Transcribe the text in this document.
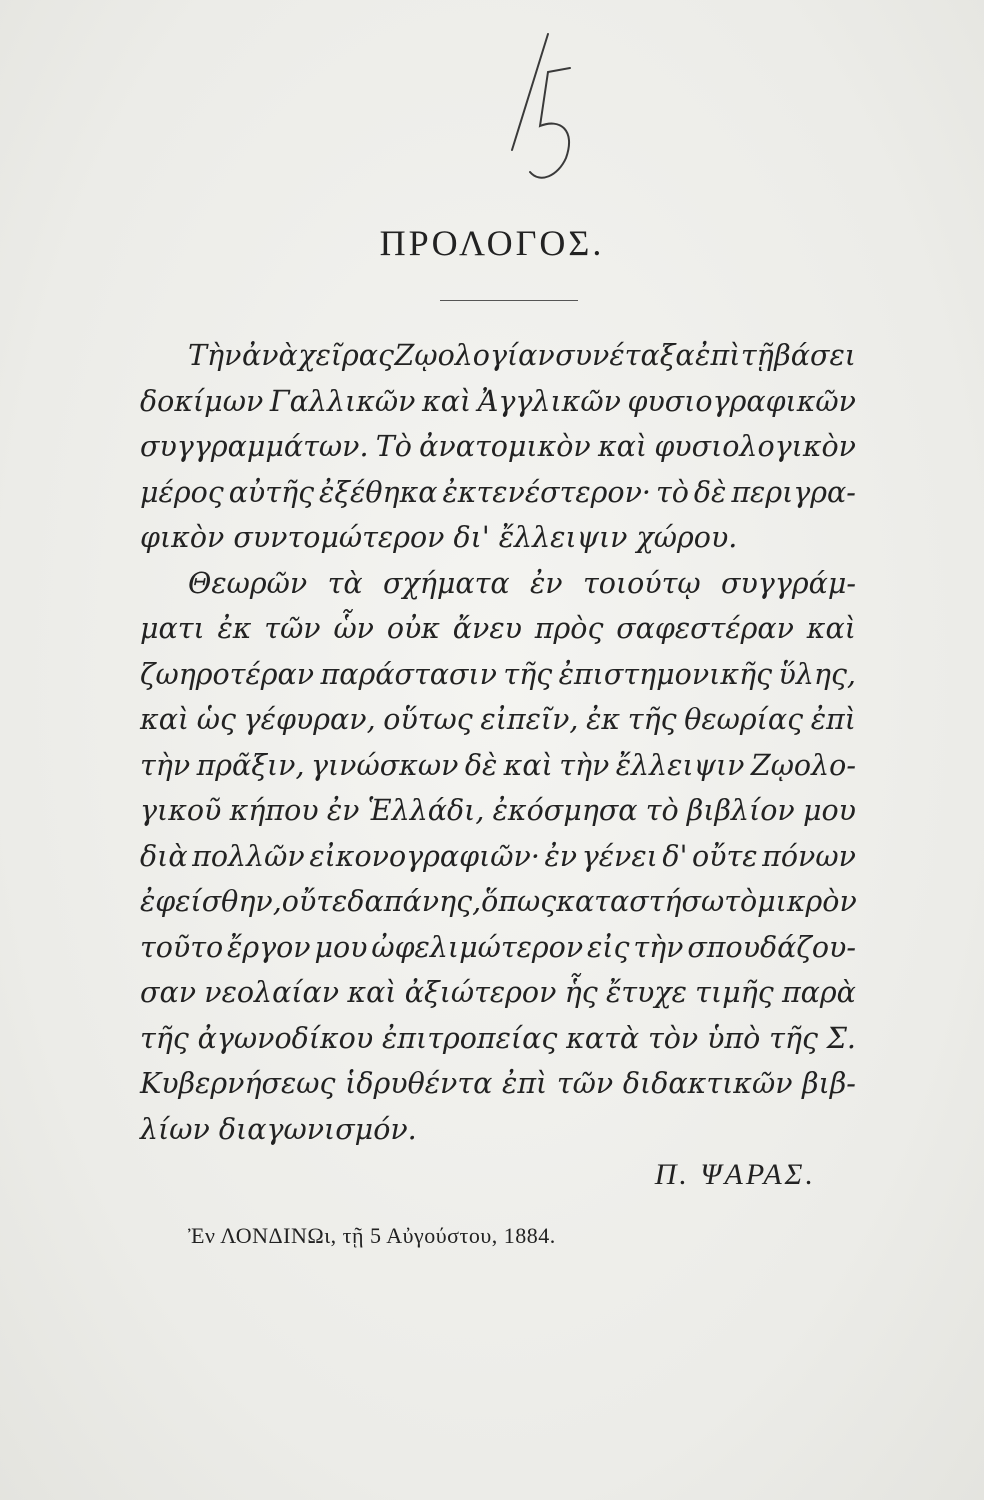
ΠΡΟΛΟΓΟΣ.
Τὴν ἀνὰ χεῖρας Ζῳολογίαν συνέταξα ἐπὶ τῇ βάσει
δοκίμων Γαλλικῶν καὶ Ἀγγλικῶν φυσιογραφικῶν
συγγραμμάτων. Τὸ ἀνατομικὸν καὶ φυσιολογικὸν
μέρος αὐτῆς ἐξέθηκα ἐκτενέστερον· τὸ δὲ περιγρα-
φικὸν συντομώτερον δι' ἔλλειψιν χώρου.
Θεωρῶν τὰ σχήματα ἐν τοιούτῳ συγγράμ-
ματι ἐκ τῶν ὧν οὐκ ἄνευ πρὸς σαφεστέραν καὶ
ζωηροτέραν παράστασιν τῆς ἐπιστημονικῆς ὕλης,
καὶ ὡς γέφυραν, οὕτως εἰπεῖν, ἐκ τῆς θεωρίας ἐπὶ
τὴν πρᾶξιν, γινώσκων δὲ καὶ τὴν ἔλλειψιν Ζῳολο-
γικοῦ κήπου ἐν Ἑλλάδι, ἐκόσμησα τὸ βιβλίον μου
διὰ πολλῶν εἰκονογραφιῶν· ἐν γένει δ' οὔτε πόνων
ἐφείσθην, οὔτε δαπάνης, ὅπως καταστήσω τὸ μικρὸν
τοῦτο ἔργον μου ὠφελιμώτερον εἰς τὴν σπουδάζου-
σαν νεολαίαν καὶ ἀξιώτερον ἧς ἔτυχε τιμῆς παρὰ
τῆς ἀγωνοδίκου ἐπιτροπείας κατὰ τὸν ὑπὸ τῆς Σ.
Κυβερνήσεως ἱδρυθέντα ἐπὶ τῶν διδακτικῶν βιβ-
λίων διαγωνισμόν.
Π. ΨΑΡΑΣ.
Ἐν ΛΟΝΔΙΝΩι, τῇ 5 Αὐγούστου, 1884.
